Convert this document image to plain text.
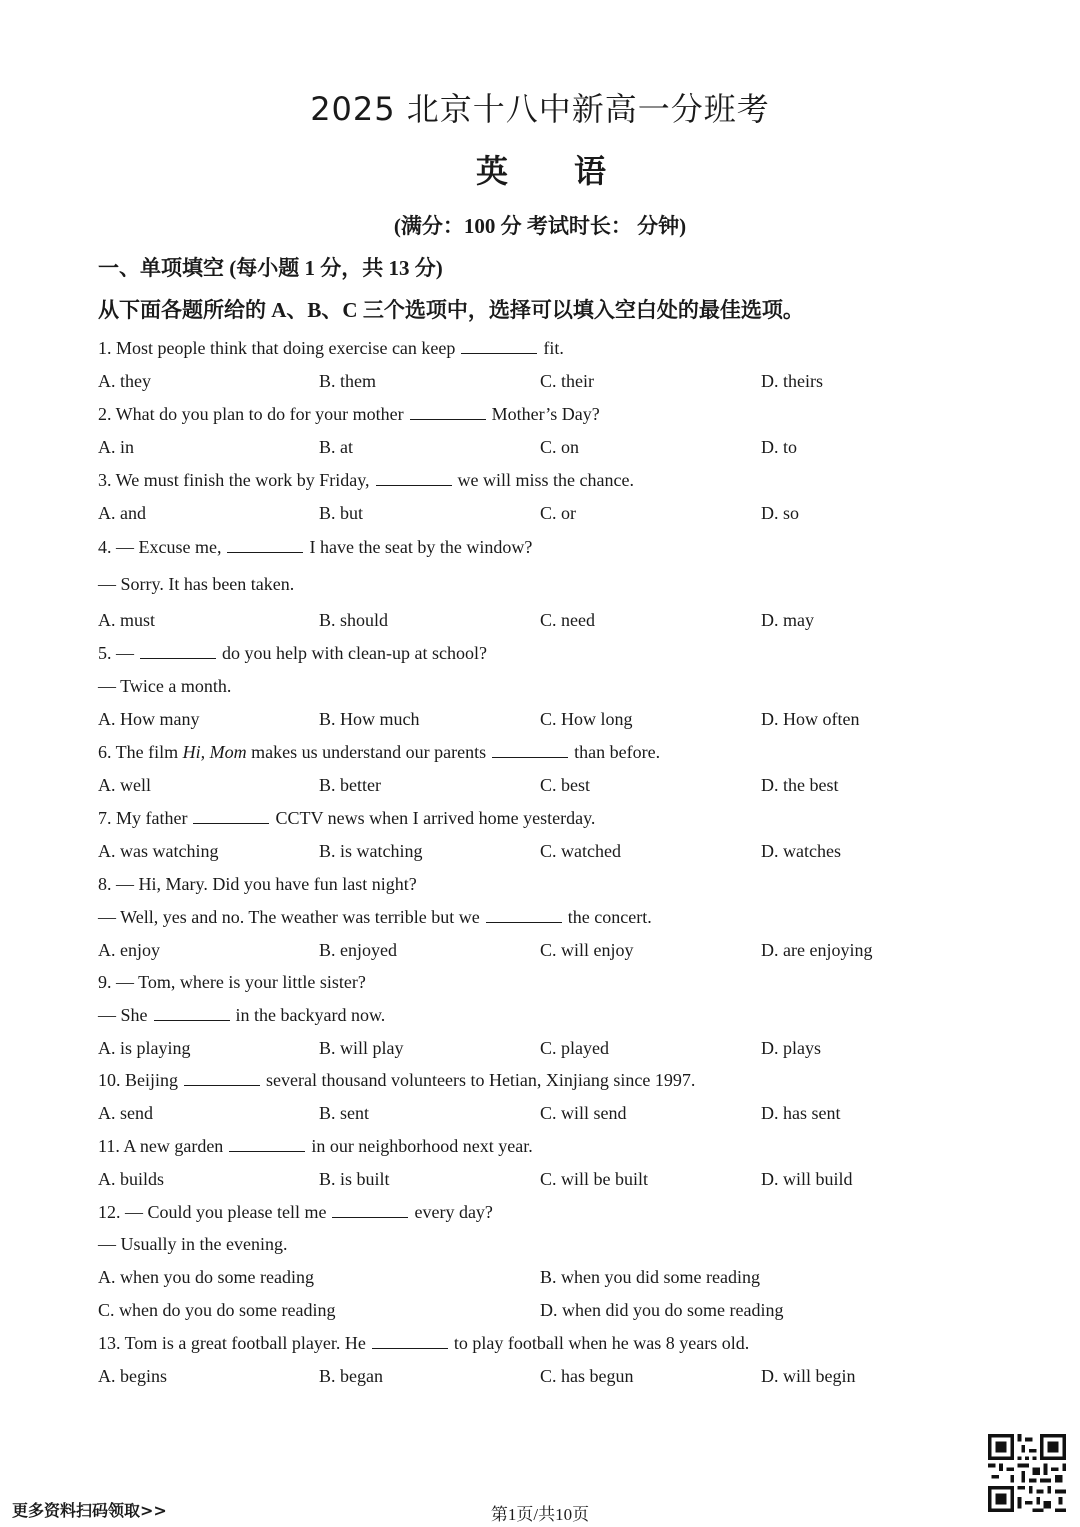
2025 北京十八中新高一分班考
英 语
(满分：100 分 考试时长： 分钟)
一、单项填空 (每小题 1 分，共 13 分)
从下面各题所给的 A、B、C 三个选项中，选择可以填入空白处的最佳选项。
1. Most people think that doing exercise can keep	fit.
A. they	B. them	C. their	D. theirs
2. What do you plan to do for your mother	Mother’s Day?
A. in	B. at	C. on	D. to
3. We must finish the work by Friday,	we will miss the chance.
A. and	B. but	C. or	D. so
4. — Excuse me,	I have the seat by the window?
— Sorry. It has been taken.
A. must	B. should	C. need	D. may
5. —	do you help with clean-up at school?
— Twice a month.
A. How many	B. How much	C. How long	D. How often
6. The film Hi, Mom makes us understand our parents	than before.
A. well	B. better	C. best	D. the best
7. My father	CCTV news when I arrived home yesterday.
A. was watching	B. is watching	C. watched	D. watches
8. — Hi, Mary. Did you have fun last night?
— Well, yes and no. The weather was terrible but we	the concert.
A. enjoy	B. enjoyed	C. will enjoy	D. are enjoying
9. — Tom, where is your little sister?
— She	in the backyard now.
A. is playing	B. will play	C. played	D. plays
10. Beijing	several thousand volunteers to Hetian, Xinjiang since 1997.
A. send	B. sent	C. will send	D. has sent
11. A new garden	in our neighborhood next year.
A. builds	B. is built	C. will be built	D. will build
12. — Could you please tell me	every day?
— Usually in the evening.
A. when you do some reading	B. when you did some reading
C. when do you do some reading	D. when did you do some reading
13. Tom is a great football player. He	to play football when he was 8 years old.
A. begins	B. began	C. has begun	D. will begin
更多资料扫码领取>>	第1页/共10页
